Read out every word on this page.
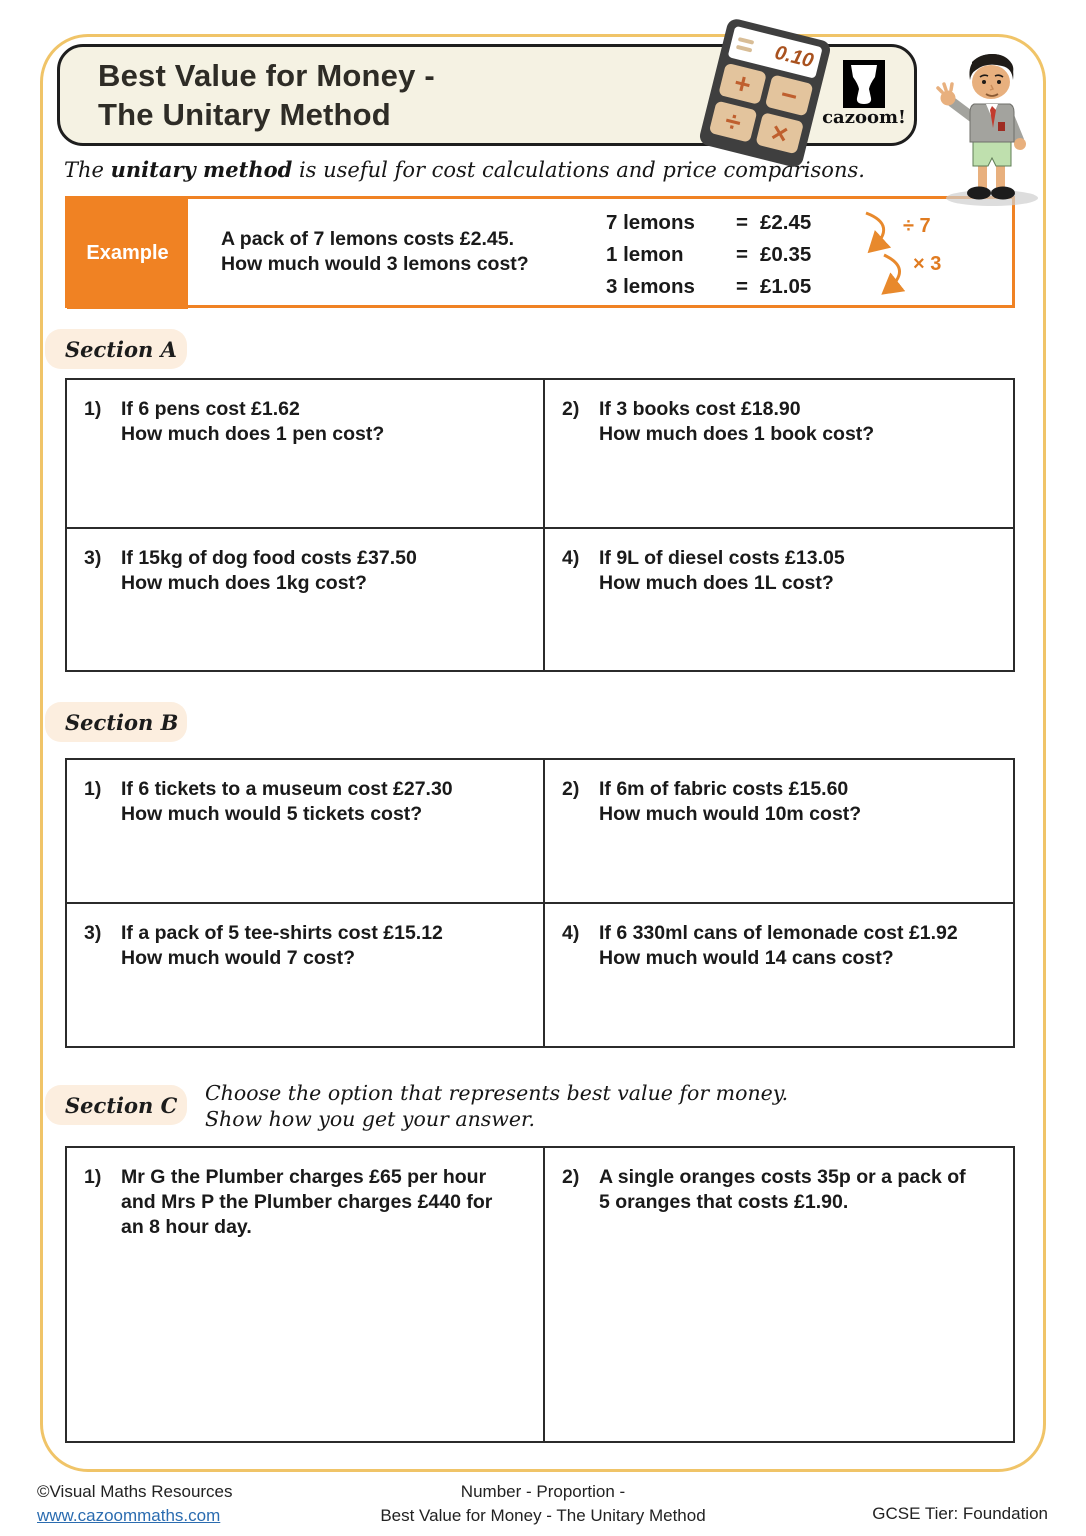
Best Value for Money -
The Unitary Method
0.10
+ −
÷ ×	cazoom!
The unitary method is useful for cost calculations and price comparisons.
Example
A pack of 7 lemons costs £2.45.
How much would 3 lemons cost?
7 lemons	= £2.45
1 lemon	= £0.35
3 lemons	= £1.05
÷ 7
× 3
Section A
1)	If 6 pens cost £1.62
How much does 1 pen cost?
2)	If 3 books cost £18.90
How much does 1 book cost?
3)	If 15kg of dog food costs £37.50
How much does 1kg cost?
4)	If 9L of diesel costs £13.05
How much does 1L cost?
Section B
1)	If 6 tickets to a museum cost £27.30
How much would 5 tickets cost?
2)	If 6m of fabric costs £15.60
How much would 10m cost?
3)	If a pack of 5 tee-shirts cost £15.12
How much would 7 cost?
4)	If 6 330ml cans of lemonade cost £1.92
How much would 14 cans cost?
Section C	Choose the option that represents best value for money.
Show how you get your answer.
1)	Mr G the Plumber charges £65 per hour
and Mrs P the Plumber charges £440 for
an 8 hour day.
2)	A single oranges costs 35p or a pack of
5 oranges that costs £1.90.
©Visual Maths Resources
www.cazoommaths.com
Number - Proportion -
Best Value for Money - The Unitary Method	GCSE Tier: Foundation
